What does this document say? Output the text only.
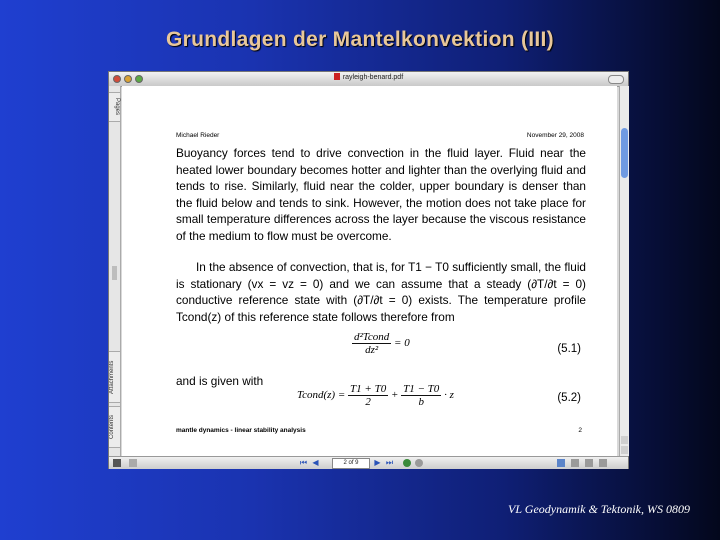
Grundlagen der Mantelkonvektion (III)
rayleigh-benard.pdf
Pages
Attachments
Contents
Michael Rieder	November 29, 2008
Buoyancy forces tend to drive convection in the fluid layer. Fluid near the heated lower boundary becomes hotter and lighter than the overlying fluid and tends to rise. Similarly, fluid near the colder, upper boundary is denser than the fluid below and tends to sink. However, the motion does not take place for small temperature differences across the layer because the viscous resistance of the medium to flow must be overcome.
In the absence of convection, that is, for T1 − T0 sufficiently small, the fluid is stationary (vx = vz = 0) and we can assume that a steady (∂T/∂t = 0) conductive reference state with (∂T/∂t = 0) exists. The temperature profile Tcond(z) of this reference state follows therefore from
$\frac{\text{d²Tcond}}{\text{dz²}} = 0$	(5.1)
and is given with
Tcond(z) = $\frac{T1 + T0}{2} + \frac{T1 - T0}{b} \cdot z$	(5.2)
mantle dynamics - linear stability analysis	2
⏮ ◀	2 of 9	▶ ⏭
VL Geodynamik & Tektonik, WS 0809
